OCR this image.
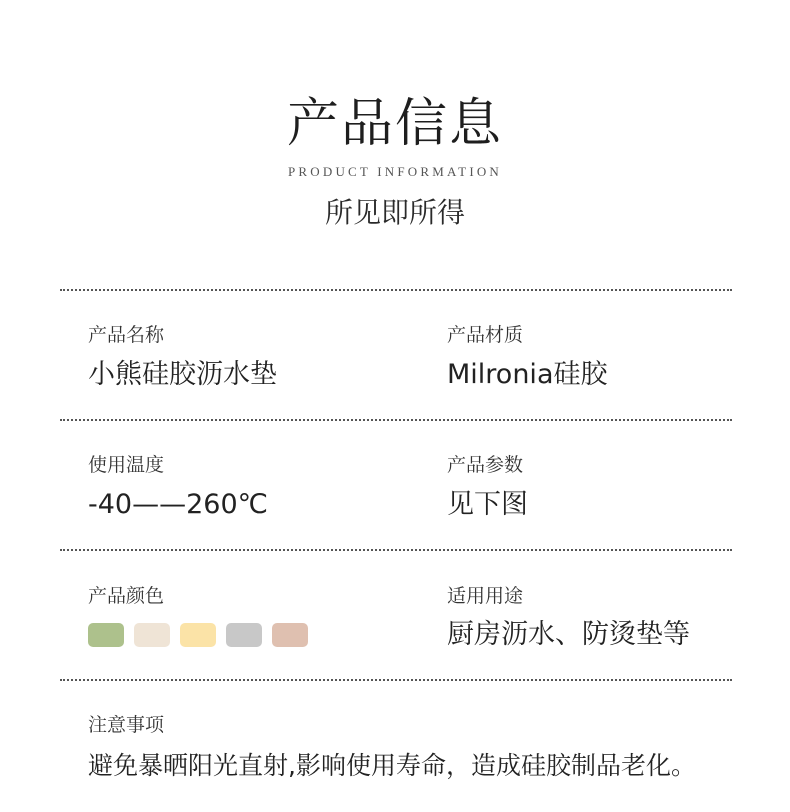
产品信息
PRODUCT INFORMATION
所见即所得
产品名称
小熊硅胶沥水垫
产品材质
Milronia硅胶
使用温度
-40——260℃
产品参数
见下图
产品颜色	适用用途
厨房沥水、防烫垫等
注意事项
避免暴晒阳光直射,影响使用寿命，造成硅胶制品老化。
